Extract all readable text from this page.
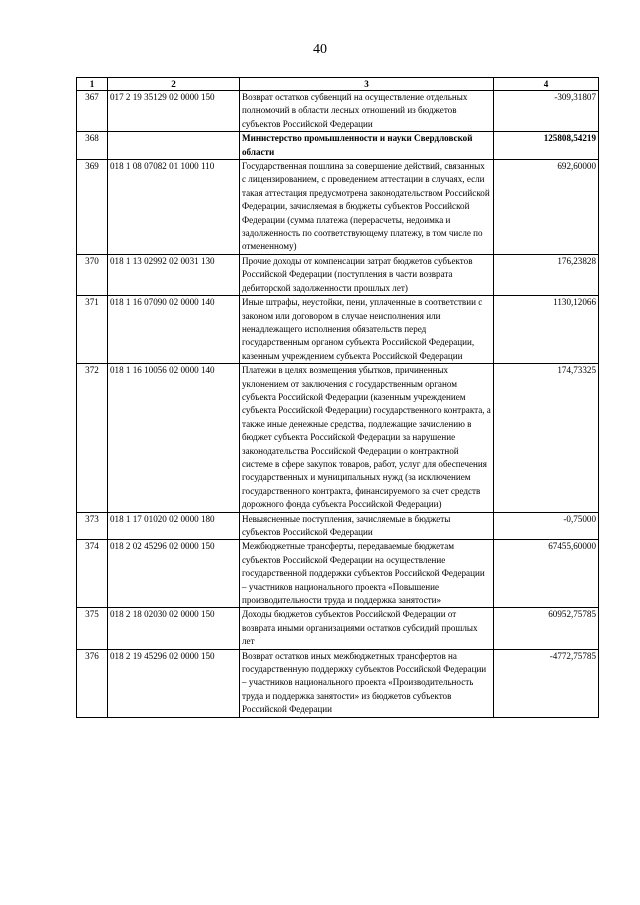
40
1	2	3	4
367	017 2 19 35129 02 0000 150	Возврат остатков субвенций на осуществление отдельных полномочий в области лесных отношений из бюджетов субъектов Российской Федерации	-309,31807
368		Министерство промышленности и науки Свердловской области	125808,54219
369	018 1 08 07082 01 1000 110	Государственная пошлина за совершение действий, связанных с лицензированием, с проведением аттестации в случаях, если такая аттестация предусмотрена законодательством Российской Федерации, зачисляемая в бюджеты субъектов Российской Федерации (сумма платежа (перерасчеты, недоимка и задолженность по соответствующему платежу, в том числе по отмененному)	692,60000
370	018 1 13 02992 02 0031 130	Прочие доходы от компенсации затрат бюджетов субъектов Российской Федерации (поступления в части возврата дебиторской задолженности прошлых лет)	176,23828
371	018 1 16 07090 02 0000 140	Иные штрафы, неустойки, пени, уплаченные в соответствии с законом или договором в случае неисполнения или ненадлежащего исполнения обязательств перед государственным органом субъекта Российской Федерации, казенным учреждением субъекта Российской Федерации	1130,12066
372	018 1 16 10056 02 0000 140	Платежи в целях возмещения убытков, причиненных уклонением от заключения с государственным органом субъекта Российской Федерации (казенным учреждением субъекта Российской Федерации) государственного контракта, а также иные денежные средства, подлежащие зачислению в бюджет субъекта Российской Федерации за нарушение законодательства Российской Федерации о контрактной системе в сфере закупок товаров, работ, услуг для обеспечения государственных и муниципальных нужд (за исключением государственного контракта, финансируемого за счет средств дорожного фонда субъекта Российской Федерации)	174,73325
373	018 1 17 01020 02 0000 180	Невыясненные поступления, зачисляемые в бюджеты субъектов Российской Федерации	-0,75000
374	018 2 02 45296 02 0000 150	Межбюджетные трансферты, передаваемые бюджетам субъектов Российской Федерации на осуществление государственной поддержки субъектов Российской Федерации – участников национального проекта «Повышение производительности труда и поддержка занятости»	67455,60000
375	018 2 18 02030 02 0000 150	Доходы бюджетов субъектов Российской Федерации от возврата иными организациями остатков субсидий прошлых лет	60952,75785
376	018 2 19 45296 02 0000 150	Возврат остатков иных межбюджетных трансфертов на государственную поддержку субъектов Российской Федерации – участников национального проекта «Производительность труда и поддержка занятости» из бюджетов субъектов Российской Федерации	-4772,75785
